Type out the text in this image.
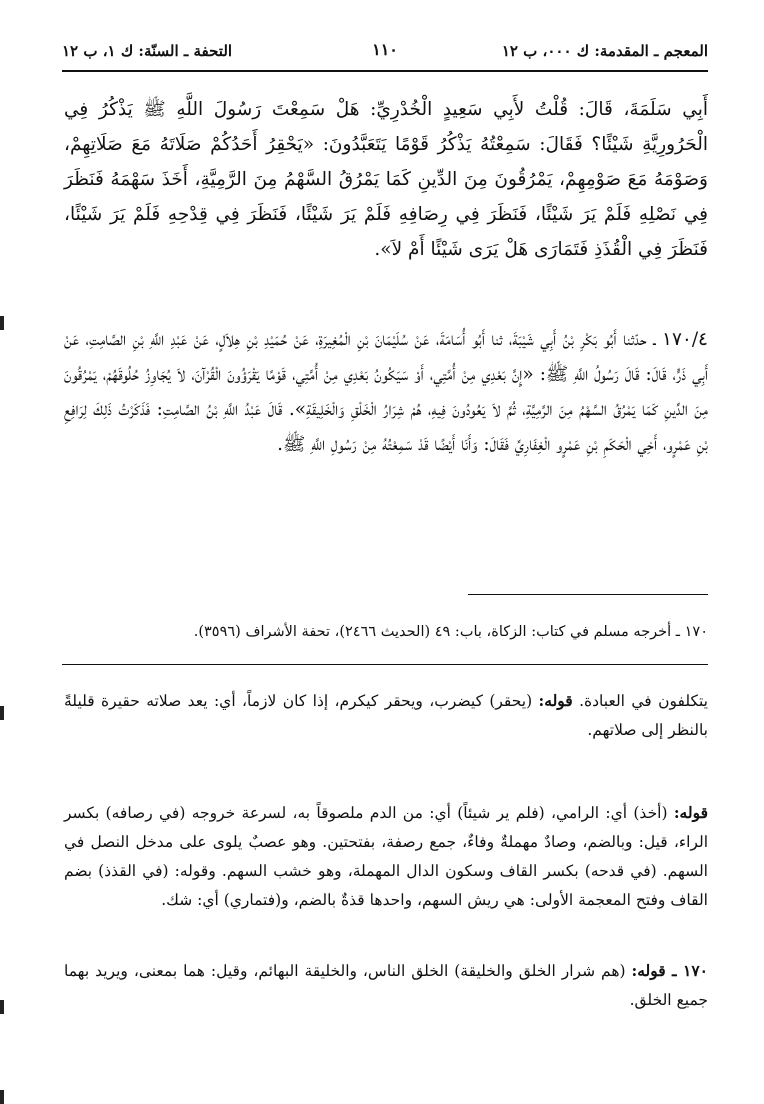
المعجم ـ المقدمة: ك ٠٠٠، ب ١٢
١١٠
التحفة ـ السنّة: ك ١، ب ١٢

أَبِي سَلَمَةَ، قَالَ: قُلْتُ لأَبِي سَعِيدٍ الْخُدْرِيِّ: هَلْ سَمِعْتَ رَسُولَ اللَّهِ ﷺ يَذْكُرُ فِي الْحَرُورِيَّةِ شَيْئًا؟ فَقَالَ: سَمِعْتُهُ يَذْكُرُ قَوْمًا يَتَعَبَّدُونَ: «يَحْقِرُ أَحَدُكُمْ صَلَاتَهُ مَعَ صَلَاتِهِمْ، وَصَوْمَهُ مَعَ صَوْمِهِمْ، يَمْرُقُونَ مِنَ الدِّينِ كَمَا يَمْرُقُ السَّهْمُ مِنَ الرَّمِيَّةِ، أَخَذَ سَهْمَهُ فَنَظَرَ فِي نَصْلِهِ فَلَمْ يَرَ شَيْئًا، فَنَظَرَ فِي رِصَافِهِ فَلَمْ يَرَ شَيْئًا، فَنَظَرَ فِي قِدْحِهِ فَلَمْ يَرَ شَيْئًا، فَنَظَرَ فِي الْقُذَذِ فَتَمَارَى هَلْ يَرَى شَيْئًا أَمْ لاَ».

١٧٠/٤ ـ حدّثنا أَبُو بَكْرِ بْنُ أَبِي شَيْبَةَ، ثنا أَبُو أُسَامَةَ، عَنْ سُلَيْمَانَ بْنِ الْمُغِيرَةِ، عَنْ حُمَيْدِ بْنِ هِلاَلٍ، عَنْ عَبْدِ اللَّهِ بْنِ الصَّامِتِ، عَنْ أَبِي ذَرٍّ، قَالَ: قَالَ رَسُولُ اللَّهِ ﷺ: «إِنَّ بَعْدِي مِنْ أُمَّتِي، أَوْ سَيَكُونُ بَعْدِي مِنْ أُمَّتِي، قَوْمًا يَقْرَؤُونَ الْقُرْآنَ، لاَ يُجَاوِزُ حُلُوقَهُمْ، يَمْرُقُونَ مِنَ الدِّينِ كَمَا يَمْرُقُ السَّهْمُ مِنَ الرَّمِيَّةِ، ثُمَّ لاَ يَعُودُونَ فِيهِ، هُمْ شِرَارُ الْخَلْقِ وَالْخَلِيقَةِ». قَالَ عَبْدُ اللَّهِ بْنُ الصَّامِتِ: فَذَكَرْتُ ذَلِكَ لِرَافِعِ بْنِ عَمْرٍو، أَخِي الْحَكَمِ بْنِ عَمْرٍو الْغِفَارِيِّ فَقَالَ: وَأَنَا أَيْضًا قَدْ سَمِعْتُهُ مِنْ رَسُولِ اللَّهِ ﷺ.

١٧٠ ـ أخرجه مسلم في كتاب: الزكاة، باب: ٤٩ (الحديث ٢٤٦٦)، تحفة الأشراف (٣٥٩٦).

يتكلفون في العبادة. قوله: (يحقر) كيضرب، ويحقر كيكرم، إذا كان لازماً، أي: يعد صلاته حقيرة قليلةً بالنظر إلى صلاتهم.

قوله: (أخذ) أي: الرامي، (فلم ير شيئاً) أي: من الدم ملصوقاً به، لسرعة خروجه (في رصافه) بكسر الراء، قيل: وبالضم، وصادٌ مهملةٌ وفاءٌ، جمع رصفة، بفتحتين. وهو عصبٌ يلوى على مدخل النصل في السهم. (في قدحه) بكسر القاف وسكون الدال المهملة، وهو خشب السهم. وقوله: (في القذذ) بضم القاف وفتح المعجمة الأولى: هي ريش السهم، واحدها قذةٌ بالضم، و(فتماري) أي: شك.

١٧٠ ـ قوله: (هم شرار الخلق والخليقة) الخلق الناس، والخليقة البهائم، وقيل: هما بمعنى، ويريد بهما جميع الخلق.
